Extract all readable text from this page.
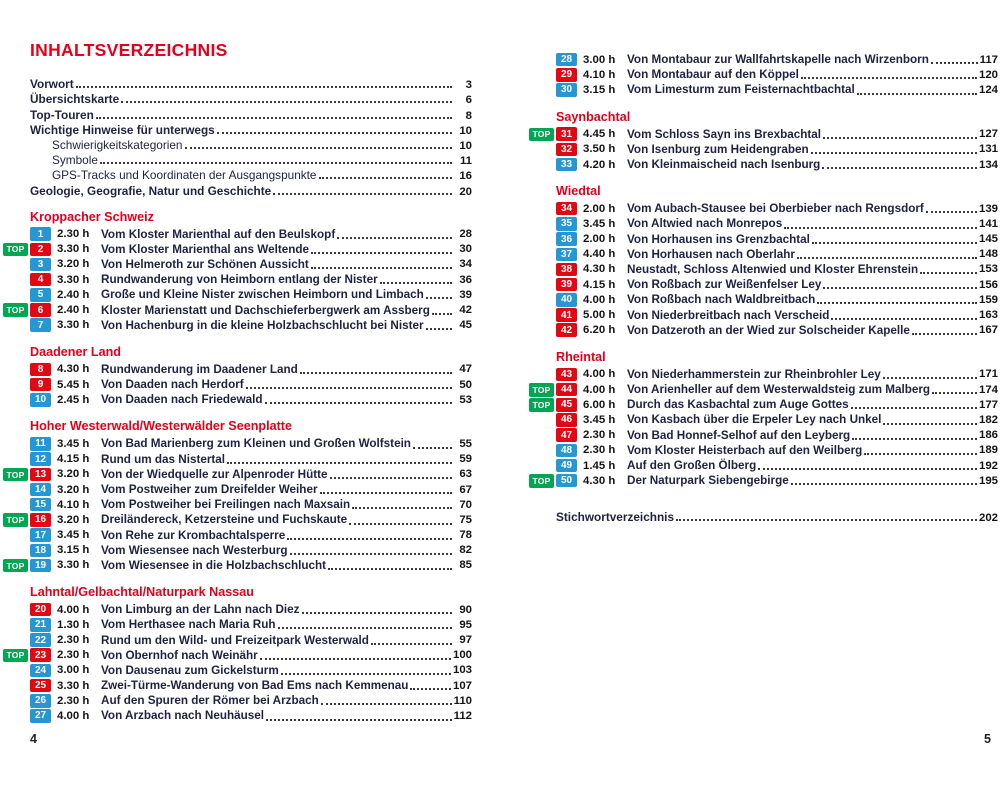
INHALTSVERZEICHNIS
Vorwort	3
Übersichtskarte	6
Top-Touren	8
Wichtige Hinweise für unterwegs	10
Schwierigkeitskategorien	10
Symbole	11
GPS-Tracks und Koordinaten der Ausgangspunkte	16
Geologie, Geografie, Natur und Geschichte	20
Kroppacher Schweiz
1	2.30 h	Vom Kloster Marienthal auf den Beulskopf	28
TOP	2	3.30 h	Vom Kloster Marienthal ans Weltende	30
3	3.20 h	Von Helmeroth zur Schönen Aussicht	34
4	3.30 h	Rundwanderung von Heimborn entlang der Nister	36
5	2.40 h	Große und Kleine Nister zwischen Heimborn und Limbach	39
TOP	6	2.40 h	Kloster Marienstatt und Dachschieferbergwerk am Assberg	42
7	3.30 h	Von Hachenburg in die kleine Holzbachschlucht bei Nister	45
Daadener Land
8	4.30 h	Rundwanderung im Daadener Land	47
9	5.45 h	Von Daaden nach Herdorf	50
10 2.45 h	Von Daaden nach Friedewald	53
Hoher Westerwald/Westerwälder Seenplatte
11 3.45 h	Von Bad Marienberg zum Kleinen und Großen Wolfstein	55
12 4.15 h	Rund um das Nistertal	59
TOP	13 3.20 h	Von der Wiedquelle zur Alpenroder Hütte	63
14 3.20 h	Vom Postweiher zum Dreifelder Weiher	67
15 4.10 h	Vom Postweiher bei Freilingen nach Maxsain	70
TOP	16 3.20 h	Dreiländereck, Ketzersteine und Fuchskaute	75
17 3.45 h	Von Rehe zur Krombachtalsperre	78
18 3.15 h	Vom Wiesensee nach Westerburg	82
TOP	19 3.30 h	Vom Wiesensee in die Holzbachschlucht	85
Lahntal/Gelbachtal/Naturpark Nassau
20 4.00 h	Von Limburg an der Lahn nach Diez	90
21 1.30 h	Vom Herthasee nach Maria Ruh	95
22 2.30 h	Rund um den Wild- und Freizeitpark Westerwald	97
TOP	23 2.30 h	Von Obernhof nach Weinähr	100
24 3.00 h	Von Dausenau zum Gickelsturm	103
25 3.30 h	Zwei-Türme-Wanderung von Bad Ems nach Kemmenau	107
26 2.30 h	Auf den Spuren der Römer bei Arzbach	110
27 4.00 h	Von Arzbach nach Neuhäusel	112
28 3.00 h	Von Montabaur zur Wallfahrtskapelle nach Wirzenborn	117
29 4.10 h	Von Montabaur auf den Köppel	120
30 3.15 h	Vom Limesturm zum Feisternachtbachtal	124
Saynbachtal
TOP	31 4.45 h	Vom Schloss Sayn ins Brexbachtal	127
32 3.50 h	Von Isenburg zum Heidengraben	131
33 4.20 h	Von Kleinmaischeid nach Isenburg	134
Wiedtal
34 2.00 h	Vom Aubach-Stausee bei Oberbieber nach Rengsdorf	139
35 3.45 h	Von Altwied nach Monrepos	141
36 2.00 h	Von Horhausen ins Grenzbachtal	145
37 4.40 h	Von Horhausen nach Oberlahr	148
38 4.30 h	Neustadt, Schloss Altenwied und Kloster Ehrenstein	153
39 4.15 h	Von Roßbach zur Weißenfelser Ley	156
40 4.00 h	Von Roßbach nach Waldbreitbach	159
41 5.00 h	Von Niederbreitbach nach Verscheid	163
42 6.20 h	Von Datzeroth an der Wied zur Solscheider Kapelle	167
Rheintal
43 4.00 h	Von Niederhammerstein zur Rheinbrohler Ley	171
TOP	44 4.00 h	Von Arienheller auf dem Westerwaldsteig zum Malberg	174
TOP	45 6.00 h	Durch das Kasbachtal zum Auge Gottes	177
46 3.45 h	Von Kasbach über die Erpeler Ley nach Unkel	182
47 2.30 h	Von Bad Honnef-Selhof auf den Leyberg	186
48 2.30 h	Vom Kloster Heisterbach auf den Weilberg	189
49 1.45 h	Auf den Großen Ölberg	192
TOP	50 4.30 h	Der Naturpark Siebengebirge	195
Stichwortverzeichnis	202
4	5
